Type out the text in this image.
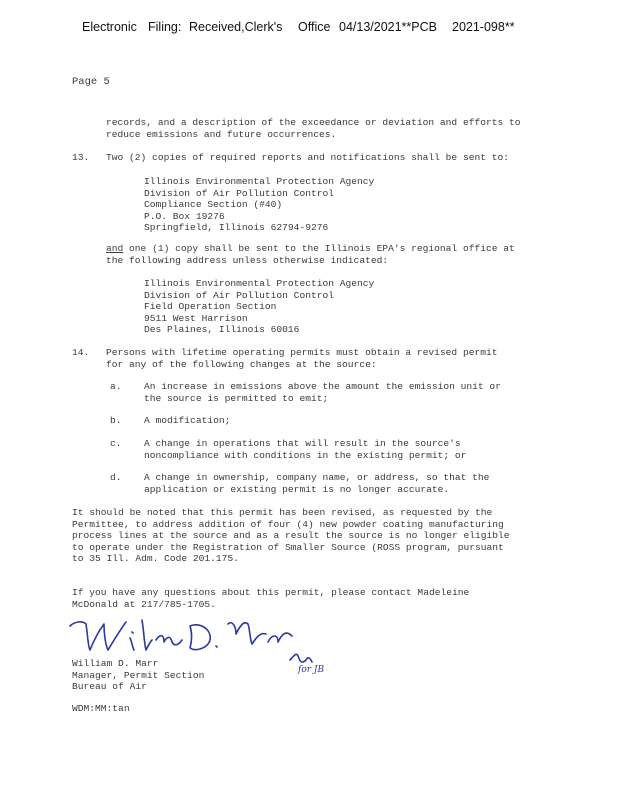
Electronic Filing: Received,Clerk's Office 04/13/2021**PCB 2021-098**
Page 5
records, and a description of the exceedance or deviation and efforts to
reduce emissions and future occurrences.
13. Two (2) copies of required reports and notifications shall be sent to:
Illinois Environmental Protection Agency
Division of Air Pollution Control
Compliance Section (#40)
P.O. Box 19276
Springfield, Illinois 62794-9276
and one (1) copy shall be sent to the Illinois EPA's regional office at
the following address unless otherwise indicated:
Illinois Environmental Protection Agency
Division of Air Pollution Control
Field Operation Section
9511 West Harrison
Des Plaines, Illinois 60016
14. Persons with lifetime operating permits must obtain a revised permit
for any of the following changes at the source:
a. An increase in emissions above the amount the emission unit or
the source is permitted to emit;
b. A modification;
c. A change in operations that will result in the source's
noncompliance with conditions in the existing permit; or
d. A change in ownership, company name, or address, so that the
application or existing permit is no longer accurate.
It should be noted that this permit has been revised, as requested by the
Permittee, to address addition of four (4) new powder coating manufacturing
process lines at the source and as a result the source is no longer eligible
to operate under the Registration of Smaller Source (ROSS program, pursuant
to 35 Ill. Adm. Code 201.175.
If you have any questions about this permit, please contact Madeleine
McDonald at 217/785-1705.
for JB
William D. Marr
Manager, Permit Section
Bureau of Air
WDM:MM:tan
